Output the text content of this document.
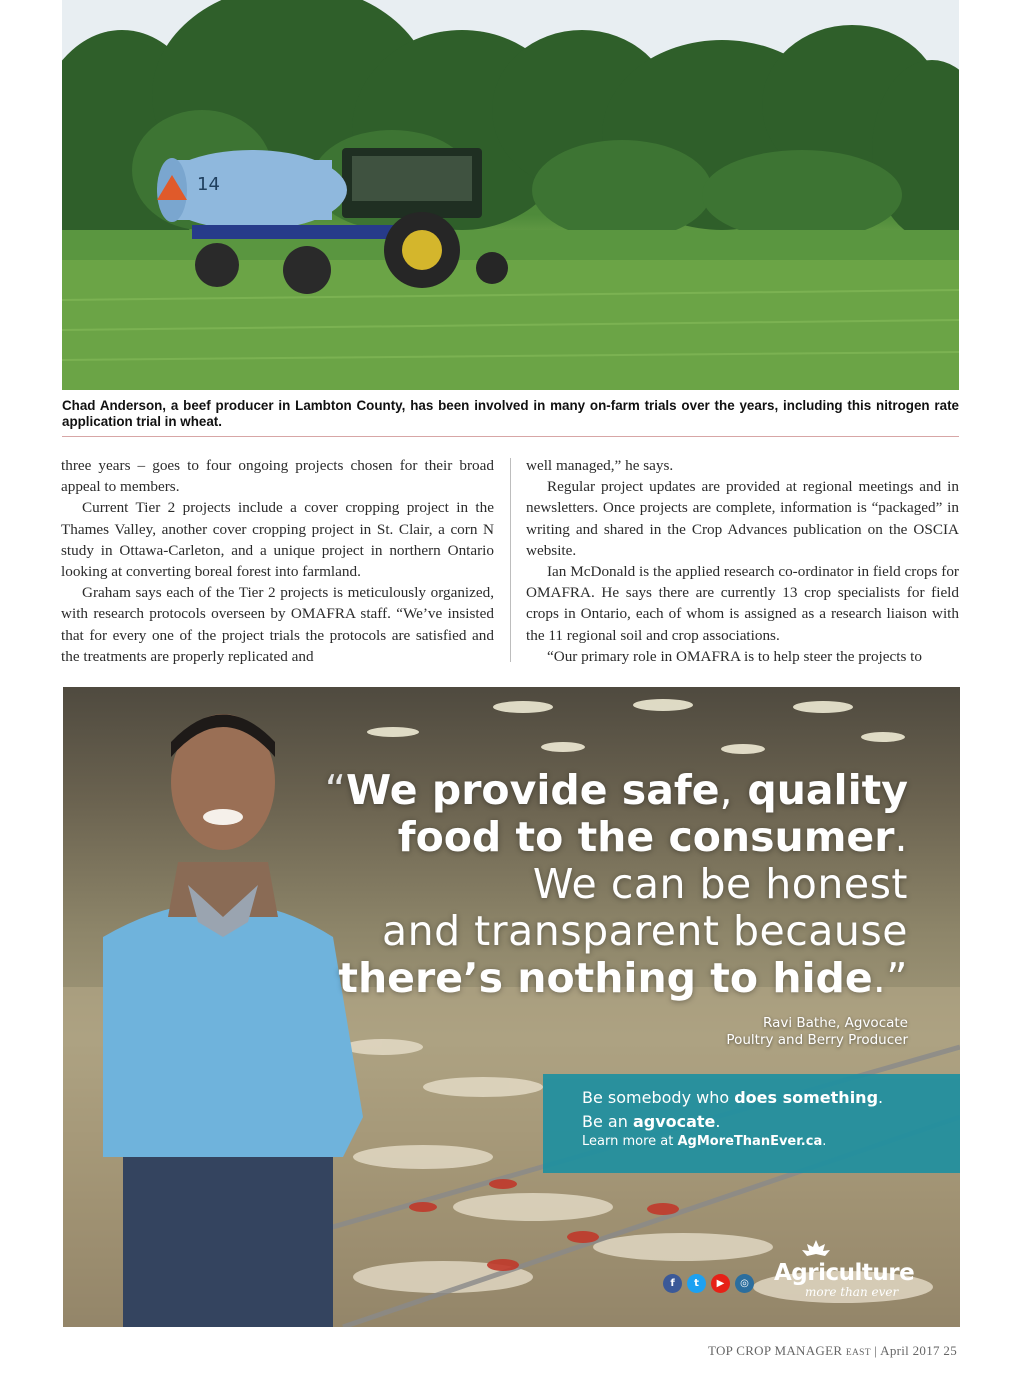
14
Chad Anderson, a beef producer in Lambton County, has been involved in many on-farm trials over the years, including this nitrogen rate application trial in wheat.

three years – goes to four ongoing projects chosen for their broad appeal to members.

Current Tier 2 projects include a cover cropping project in the Thames Valley, another cover cropping project in St. Clair, a corn N study in Ottawa-Carleton, and a unique project in northern Ontario looking at converting boreal forest into farmland.

Graham says each of the Tier 2 projects is meticulously organized, with research protocols overseen by OMAFRA staff. “We’ve insisted that for every one of the project trials the protocols are satisfied and the treatments are properly replicated and

well managed,” he says.

Regular project updates are provided at regional meetings and in newsletters. Once projects are complete, information is “packaged” in writing and shared in the Crop Advances publication on the OSCIA website.

Ian McDonald is the applied research co-ordinator in field crops for OMAFRA. He says there are currently 13 crop specialists for field crops in Ontario, each of whom is assigned as a research liaison with the 11 regional soil and crop associations.

“Our primary role in OMAFRA is to help steer the projects to

“We provide safe, quality
food to the consumer.
We can be honest
and transparent because
there’s nothing to hide.”
Ravi Bathe, Agvocate
Poultry and Berry Producer
Be somebody who does something.
Be an agvocate.
Learn more at AgMoreThanEver.ca.
f	t	▶	◎ Agriculture
more than ever
TOP CROP MANAGER EAST | April 2017 25
